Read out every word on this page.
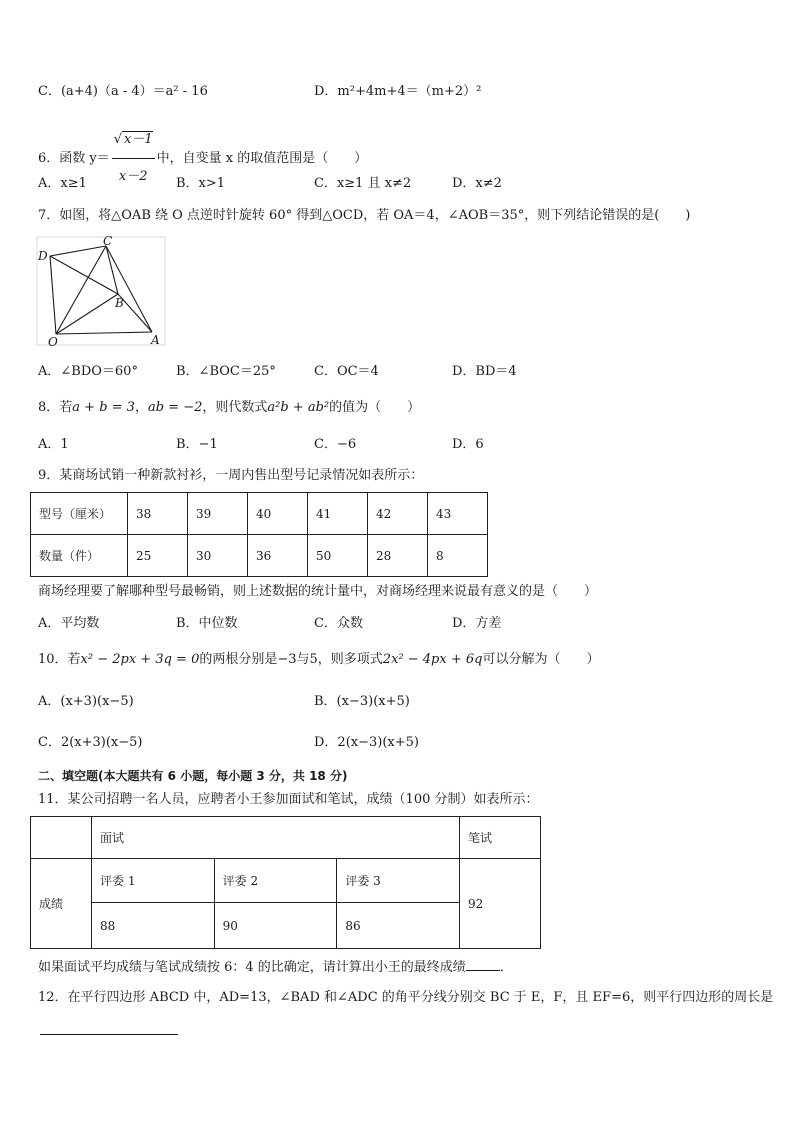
C．(a+4)（a - 4）＝a² - 16	D．m²+4m+4＝（m+2）²
6．函数 $y= \frac{√ x-1}{x-2}$ 中，自变量 x 的取值范围是（　　）
A．x≥1	B．x>1	C．x≥1 且 x≠2	D．x≠2
7．如图，将△OAB 绕 O 点逆时针旋转 60° 得到△OCD，若 OA＝4，∠AOB＝35°，则下列结论错误的是(　　)
D
C
B
O	A
A．∠BDO＝60°	B．∠BOC＝25°	C．OC＝4	D．BD＝4
8．若a + b = 3，ab = −2，则代数式a²b + ab²的值为（　　）
A．1	B．−1	C．−6	D．6
9．某商场试销一种新款衬衫，一周内售出型号记录情况如表所示：
型号（厘米）	38	39	40	41	42	43
数量（件）	25	30	36	50	28	8
商场经理要了解哪种型号最畅销，则上述数据的统计量中，对商场经理来说最有意义的是（　　）
A．平均数	B．中位数	C．众数	D．方差
10．若x² − 2px + 3q = 0的两根分别是−3与5，则多项式2x² − 4px + 6q可以分解为（　　）
A．(x+3)(x−5)	B．(x−3)(x+5)
C．2(x+3)(x−5)	D．2(x−3)(x+5)
二、填空题(本大题共有 6 小题，每小题 3 分，共 18 分)
11．某公司招聘一名人员，应聘者小王参加面试和笔试，成绩（100 分制）如表所示：
	面试			笔试
成绩	评委 1	评委 2	评委 3	92
	88	90	86	
如果面试平均成绩与笔试成绩按 6：4 的比确定，请计算出小王的最终成绩	．
12．在平行四边形 ABCD 中，AD=13，∠BAD 和∠ADC 的角平分线分别交 BC 于 E，F，且 EF=6，则平行四边形的周长是
